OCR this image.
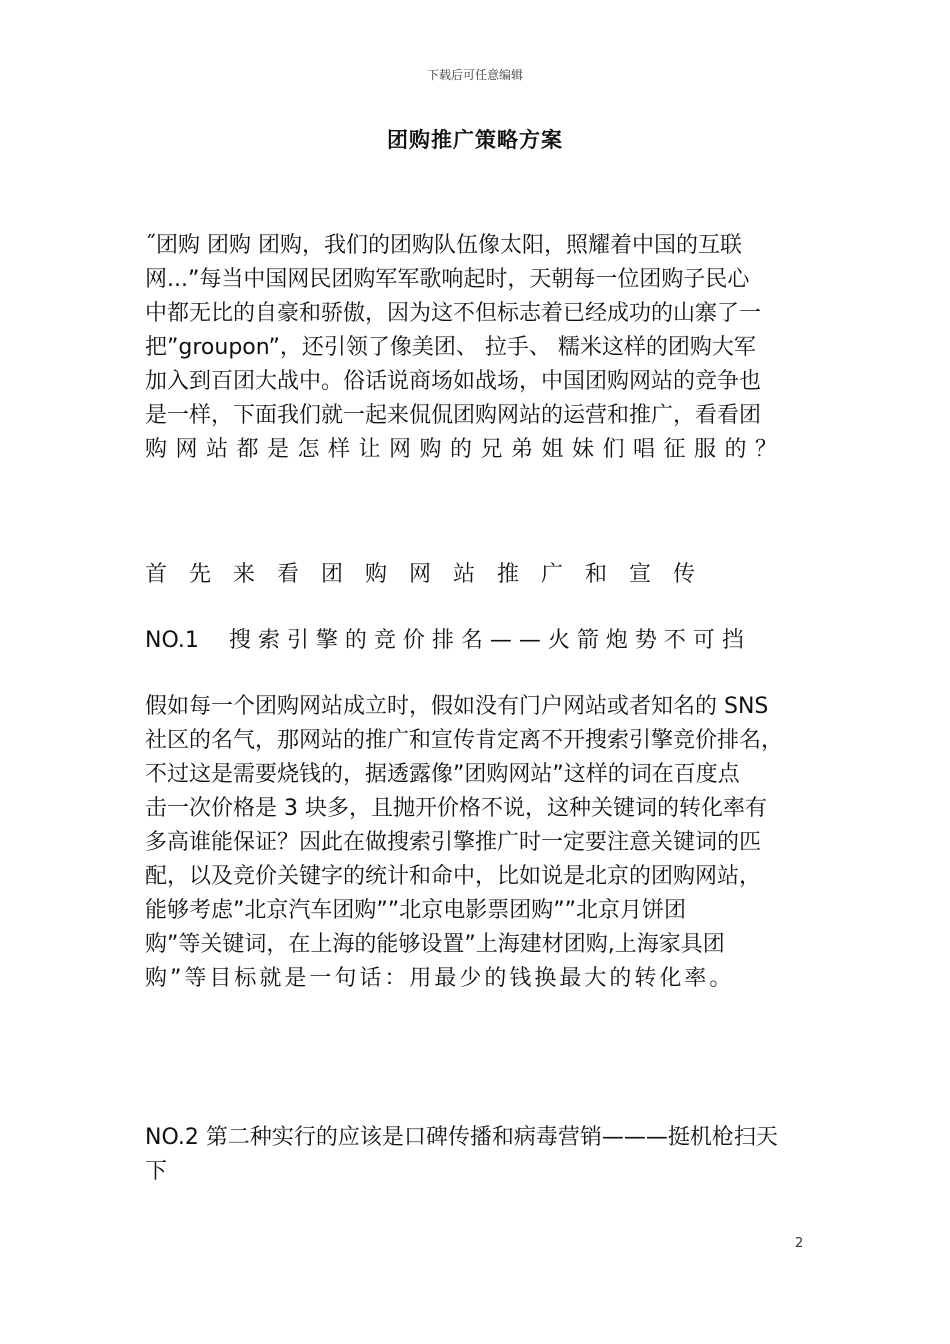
下载后可任意编辑
团购推广策略方案

˝团购 团购 团购，我们的团购队伍像太阳，照耀着中国的互联
网...”每当中国网民团购军军歌响起时，天朝每一位团购子民心
中都无比的自豪和骄傲，因为这不但标志着已经成功的山寨了一
把”groupon”，还引领了像美团、 拉手、 糯米这样的团购大军
加入到百团大战中。俗话说商场如战场，中国团购网站的竞争也
是一样，下面我们就一起来侃侃团购网站的运营和推广，看看团
购网站都是怎样让网购的兄弟姐妹们唱征服的？

首先来看团购网站推广和宣传

NO.1 搜索引擎的竞价排名——火箭炮势不可挡

假如每一个团购网站成立时，假如没有门户网站或者知名的 SNS
社区的名气，那网站的推广和宣传肯定离不开搜索引擎竞价排名，
不过这是需要烧钱的，据透露像”团购网站”这样的词在百度点
击一次价格是 3 块多，且抛开价格不说，这种关键词的转化率有
多高谁能保证？因此在做搜索引擎推广时一定要注意关键词的匹
配，以及竞价关键字的统计和命中，比如说是北京的团购网站，
能够考虑”北京汽车团购””北京电影票团购””北京月饼团
购”等关键词，在上海的能够设置”上海建材团购,上海家具团
购”等目标就是一句话：用最少的钱换最大的转化率。

NO.2 第二种实行的应该是口碑传播和病毒营销———挺机枪扫天
下

2
